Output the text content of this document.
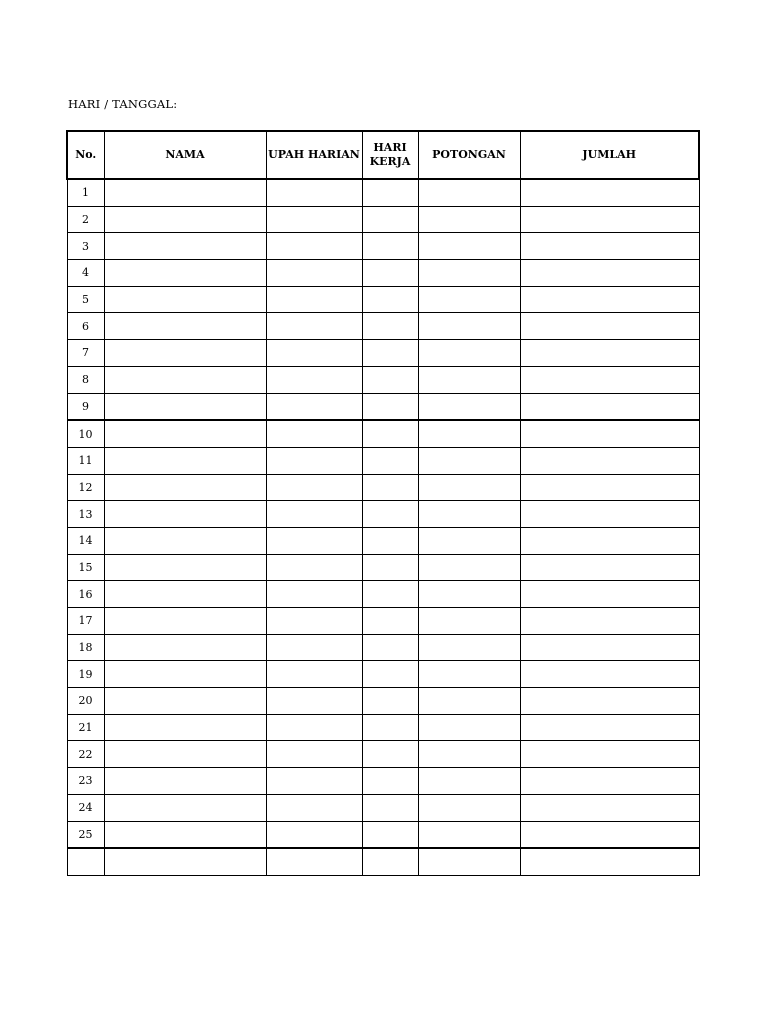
HARI / TANGGAL:
No.	NAMA	UPAH HARIAN	HARI KERJA	POTONGAN	JUMLAH
1					
2					
3					
4					
5					
6					
7					
8					
9					
10					
11					
12					
13					
14					
15					
16					
17					
18					
19					
20					
21					
22					
23					
24					
25					
